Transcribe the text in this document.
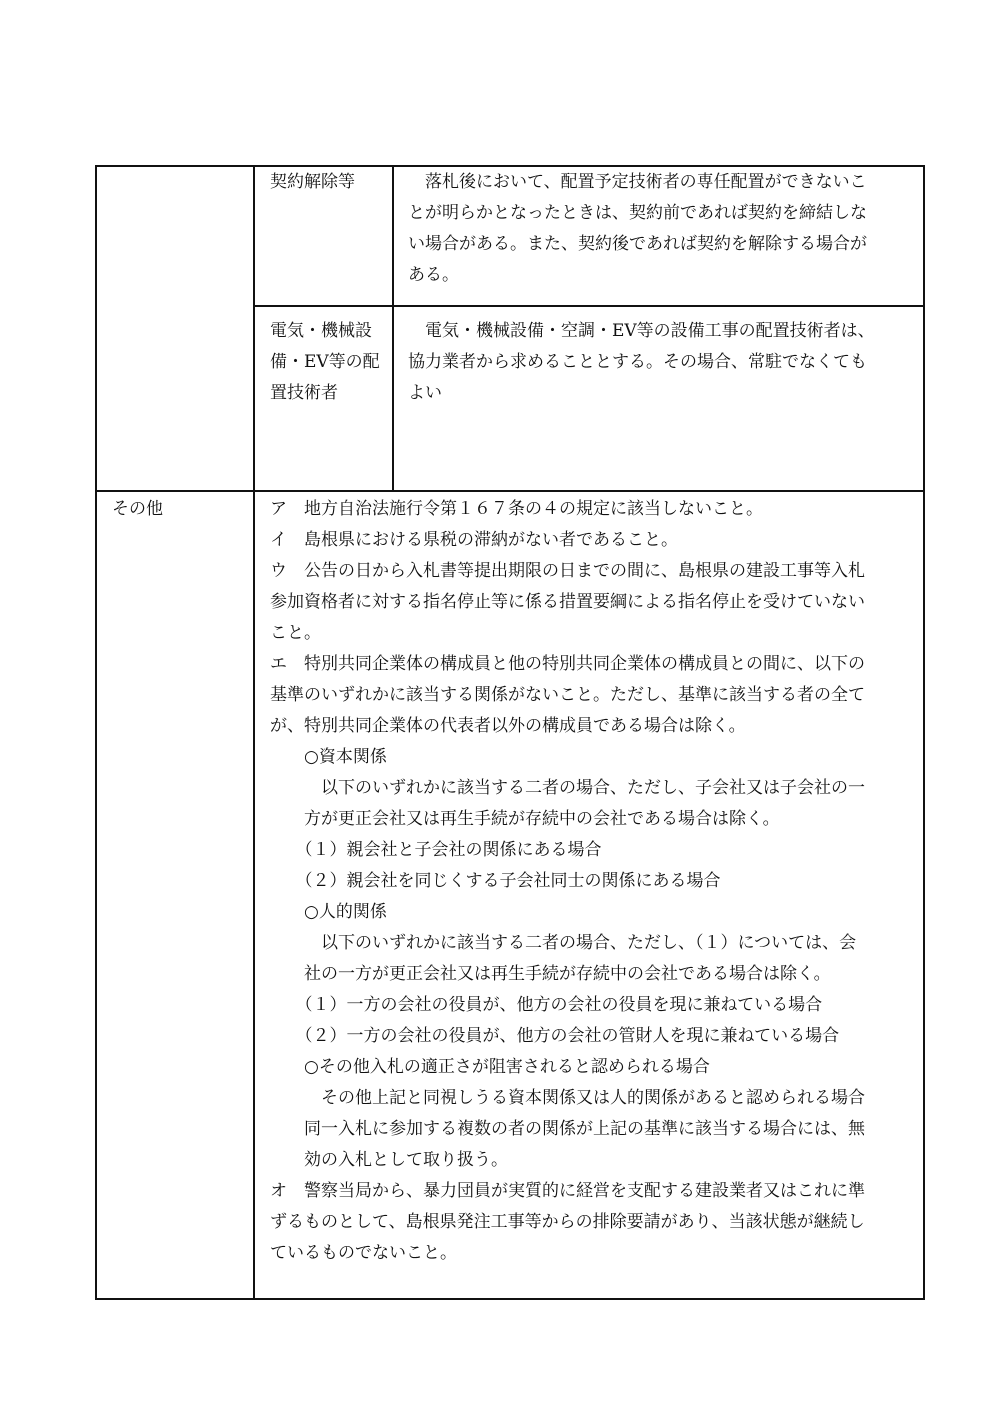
契約解除等	　落札後において、配置予定技術者の専任配置ができないこ
とが明らかとなったときは、契約前であれば契約を締結しな
い場合がある。また、契約後であれば契約を解除する場合が
ある。
電気・機械設
備・EV等の配
置技術者
　電気・機械設備・空調・EV等の設備工事の配置技術者は、
協力業者から求めることとする。その場合、常駐でなくても
よい
その他	ア　地方自治法施行令第１６７条の４の規定に該当しないこと。
イ　島根県における県税の滞納がない者であること。
ウ　公告の日から入札書等提出期限の日までの間に、島根県の建設工事等入札
参加資格者に対する指名停止等に係る措置要綱による指名停止を受けていない
こと。
エ　特別共同企業体の構成員と他の特別共同企業体の構成員との間に、以下の
基準のいずれかに該当する関係がないこと。ただし、基準に該当する者の全て
が、特別共同企業体の代表者以外の構成員である場合は除く。
　　○資本関係
　　　以下のいずれかに該当する二者の場合、ただし、子会社又は子会社の一
　　方が更正会社又は再生手続が存続中の会社である場合は除く。
　　（１）親会社と子会社の関係にある場合
　　（２）親会社を同じくする子会社同士の関係にある場合
　　○人的関係
　　　以下のいずれかに該当する二者の場合、ただし、（１）については、会
　　社の一方が更正会社又は再生手続が存続中の会社である場合は除く。
　　（１）一方の会社の役員が、他方の会社の役員を現に兼ねている場合
　　（２）一方の会社の役員が、他方の会社の管財人を現に兼ねている場合
　　○その他入札の適正さが阻害されると認められる場合
　　　その他上記と同視しうる資本関係又は人的関係があると認められる場合
　　同一入札に参加する複数の者の関係が上記の基準に該当する場合には、無
　　効の入札として取り扱う。
オ　警察当局から、暴力団員が実質的に経営を支配する建設業者又はこれに準
ずるものとして、島根県発注工事等からの排除要請があり、当該状態が継続し
ているものでないこと。
